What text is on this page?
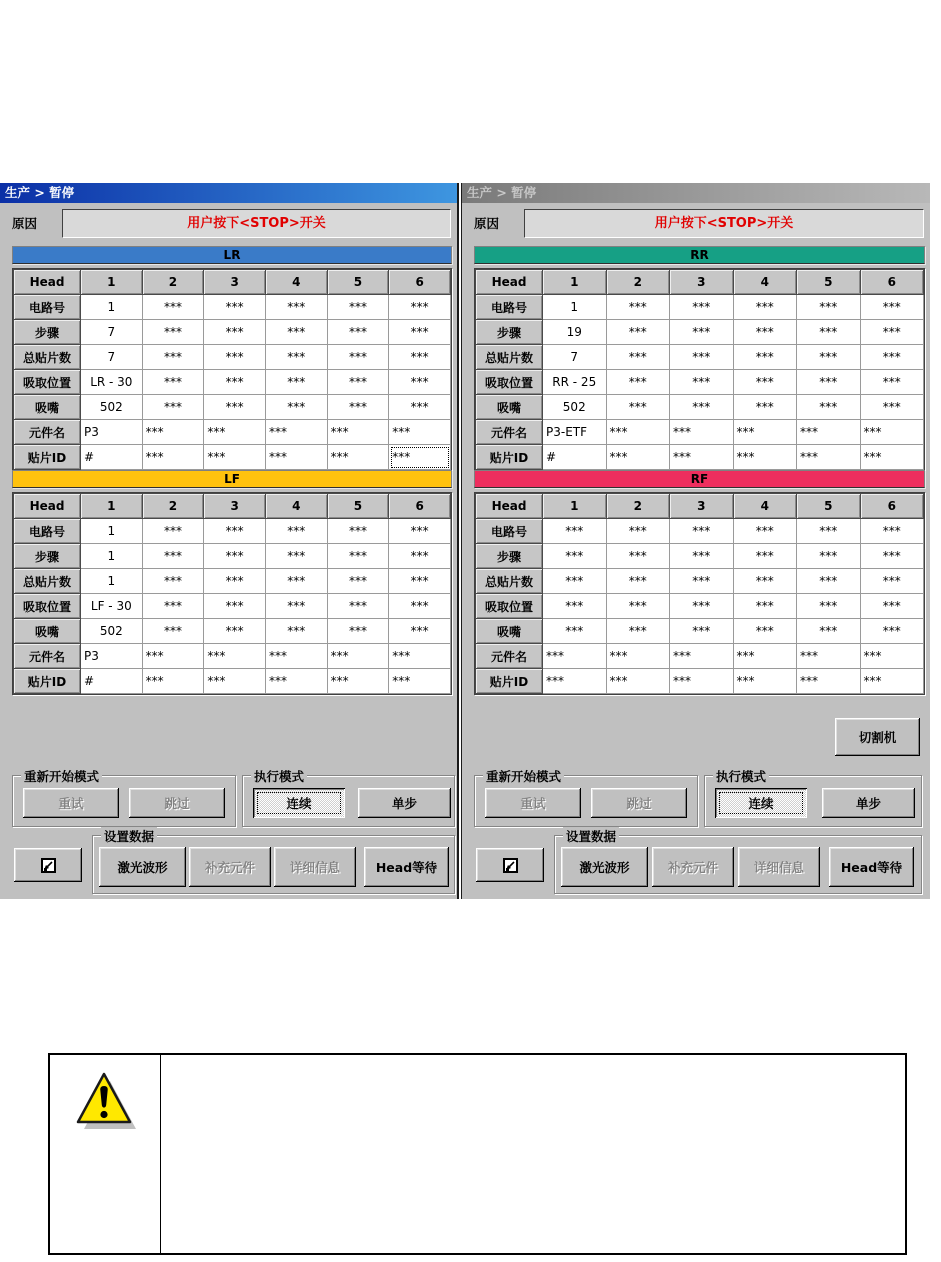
生产 > 暂停
原因	用户按下<STOP>开关
LR
Head	1	2	3	4	5	6
电路号	1	***	***	***	***	***
步骤	7	***	***	***	***	***
总贴片数	7	***	***	***	***	***
吸取位置	LR - 30	***	***	***	***	***
吸嘴	502	***	***	***	***	***
元件名	P3	***	***	***	***	***
贴片ID	#	***	***	***	***	***
LF
Head	1	2	3	4	5	6
电路号	1	***	***	***	***	***
步骤	1	***	***	***	***	***
总贴片数	1	***	***	***	***	***
吸取位置	LF - 30	***	***	***	***	***
吸嘴	502	***	***	***	***	***
元件名	P3	***	***	***	***	***
贴片ID	#	***	***	***	***	***
重新开始模式
重试	跳过
执行模式
连续	单步
设置数据
激光波形	补充元件	详细信息	Head等待
生产 > 暂停
原因	用户按下<STOP>开关
RR
Head	1	2	3	4	5	6
电路号	1	***	***	***	***	***
步骤	19	***	***	***	***	***
总贴片数	7	***	***	***	***	***
吸取位置	RR - 25	***	***	***	***	***
吸嘴	502	***	***	***	***	***
元件名	P3-ETF	***	***	***	***	***
贴片ID	#	***	***	***	***	***
RF
Head	1	2	3	4	5	6
电路号	***	***	***	***	***	***
步骤	***	***	***	***	***	***
总贴片数	***	***	***	***	***	***
吸取位置	***	***	***	***	***	***
吸嘴	***	***	***	***	***	***
元件名	***	***	***	***	***	***
贴片ID	***	***	***	***	***	***
切割机
重新开始模式
重试	跳过
执行模式
连续	单步
设置数据
激光波形	补充元件	详细信息	Head等待
